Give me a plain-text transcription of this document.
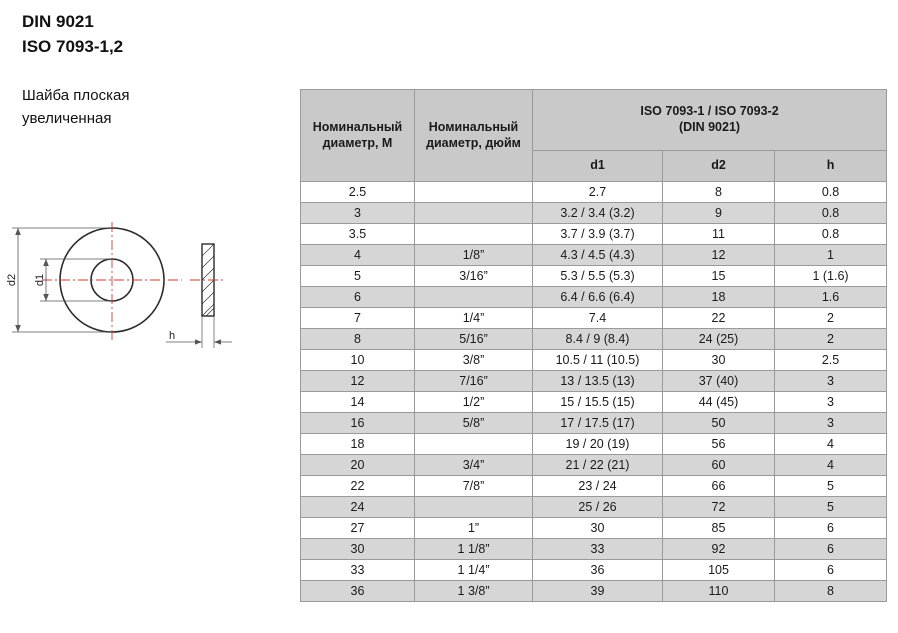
DIN 9021
ISO 7093-1,2
Шайба плоская
увеличенная
d2 d1
h
Номинальный диаметр, M	Номинальный диаметр, дюйм	ISO 7093-1 / ISO 7093-2
(DIN 9021)		

		d1	d2	h
2.5		2.7	8	0.8
3		3.2 / 3.4 (3.2)	9	0.8
3.5		3.7 / 3.9 (3.7)	11	0.8
4	1/8”	4.3 / 4.5 (4.3)	12	1
5	3/16”	5.3 / 5.5 (5.3)	15	1 (1.6)
6		6.4 / 6.6 (6.4)	18	1.6
7	1/4”	7.4	22	2
8	5/16”	8.4 / 9 (8.4)	24 (25)	2
10	3/8”	10.5 / 11 (10.5)	30	2.5
12	7/16”	13 / 13.5 (13)	37 (40)	3
14	1/2”	15 / 15.5 (15)	44 (45)	3
16	5/8”	17 / 17.5 (17)	50	3
18		19 / 20 (19)	56	4
20	3/4”	21 / 22 (21)	60	4
22	7/8”	23 / 24	66	5
24		25 / 26	72	5
27	1”	30	85	6
30	1 1/8”	33	92	6
33	1 1/4”	36	105	6
36	1 3/8”	39	110	8
